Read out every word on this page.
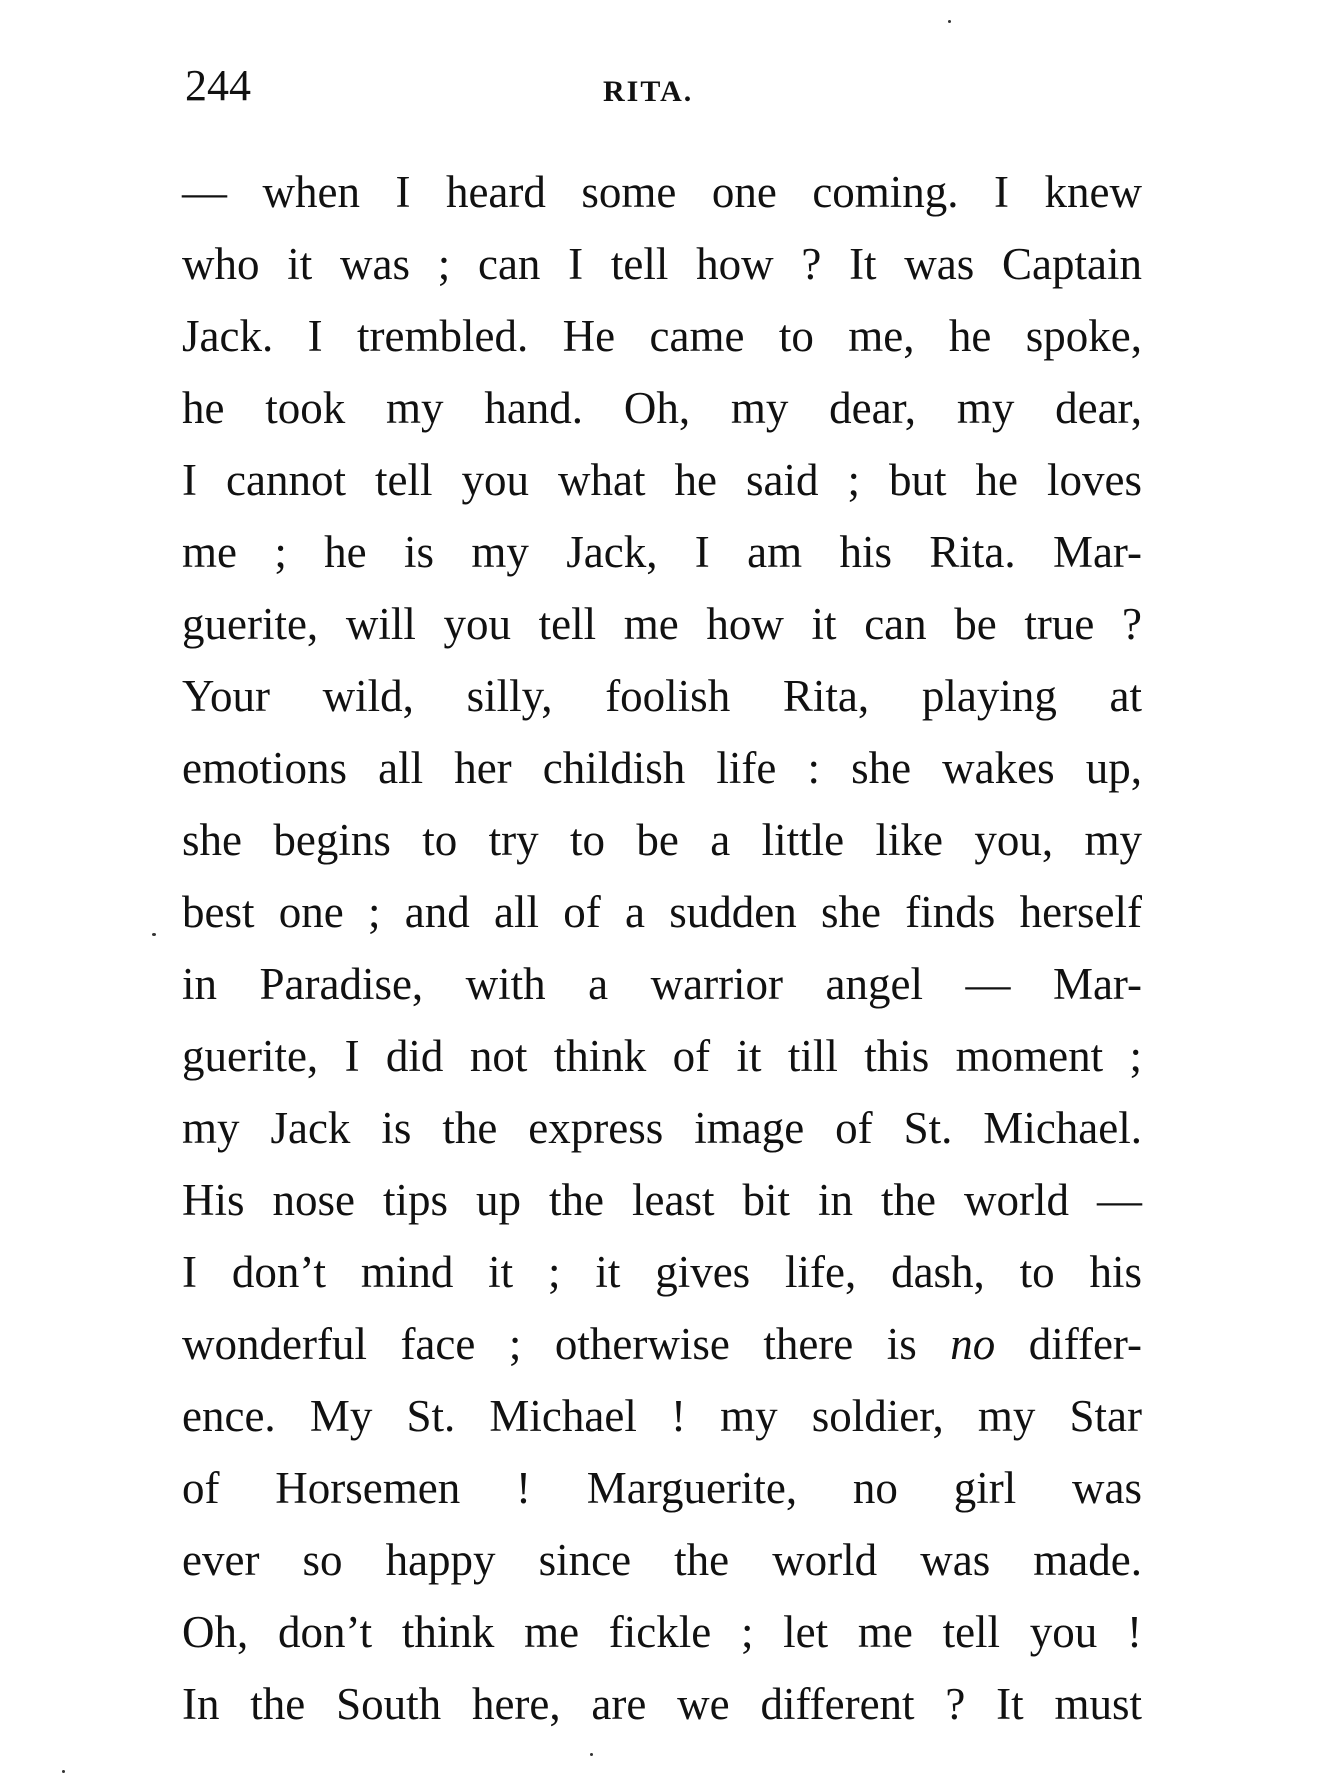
244	RITA.
— when I heard some one coming. I knew
who it was ; can I tell how ? It was Captain
Jack. I trembled. He came to me, he spoke,
he took my hand. Oh, my dear, my dear,
I cannot tell you what he said ; but he loves
me ; he is my Jack, I am his Rita. Mar-
guerite, will you tell me how it can be true ?
Your wild, silly, foolish Rita, playing at
emotions all her childish life : she wakes up,
she begins to try to be a little like you, my
best one ; and all of a sudden she finds herself
in Paradise, with a warrior angel — Mar-
guerite, I did not think of it till this moment ;
my Jack is the express image of St. Michael.
His nose tips up the least bit in the world —
I don’t mind it ; it gives life, dash, to his
wonderful face ; otherwise there is no differ-
ence. My St. Michael ! my soldier, my Star
of Horsemen ! Marguerite, no girl was
ever so happy since the world was made.
Oh, don’t think me fickle ; let me tell you !
In the South here, are we different ? It must
